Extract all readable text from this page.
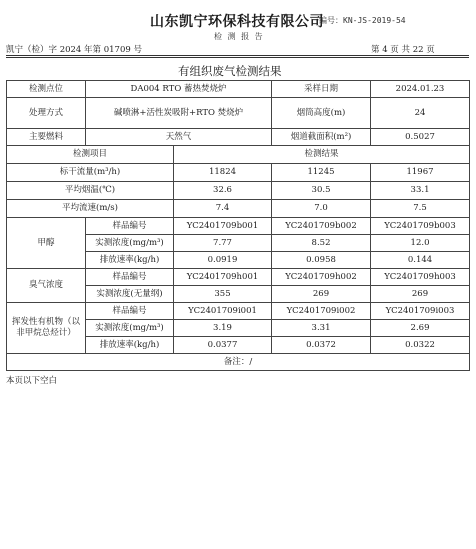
山东凯宁环保科技有限公司
编号：KN-JS-2019-54
检 测 报 告
凯宁（检）字 2024 年第 01709 号	第 4 页 共 22 页
有组织废气检测结果
检测点位	DA004 RTO 蓄热焚烧炉		采样日期	2024.01.23
处理方式	碱喷淋+活性炭吸附+RTO 焚烧炉		烟筒高度(m)	24
主要燃料	天然气		烟道截面积(m²)	0.5027
检测项目		检测结果		
标干流量(m³/h)		11824	11245	11967
平均烟温(℃)		32.6	30.5	33.1
平均流速(m/s)		7.4	7.0	7.5
甲醇	样品编号	YC2401709b001	YC2401709b002	YC2401709b003
	实测浓度(mg/m³)	7.77	8.52	12.0
	排放速率(kg/h)	0.0919	0.0958	0.144
臭气浓度	样品编号	YC2401709h001	YC2401709h002	YC2401709h003
	实测浓度(无量纲)	355	269	269
挥发性有机物（以非甲烷总烃计）	样品编号	YC2401709i001	YC2401709i002	YC2401709i003
	实测浓度(mg/m³)	3.19	3.31	2.69
	排放速率(kg/h)	0.0377	0.0372	0.0322
备注：/				
本页以下空白
